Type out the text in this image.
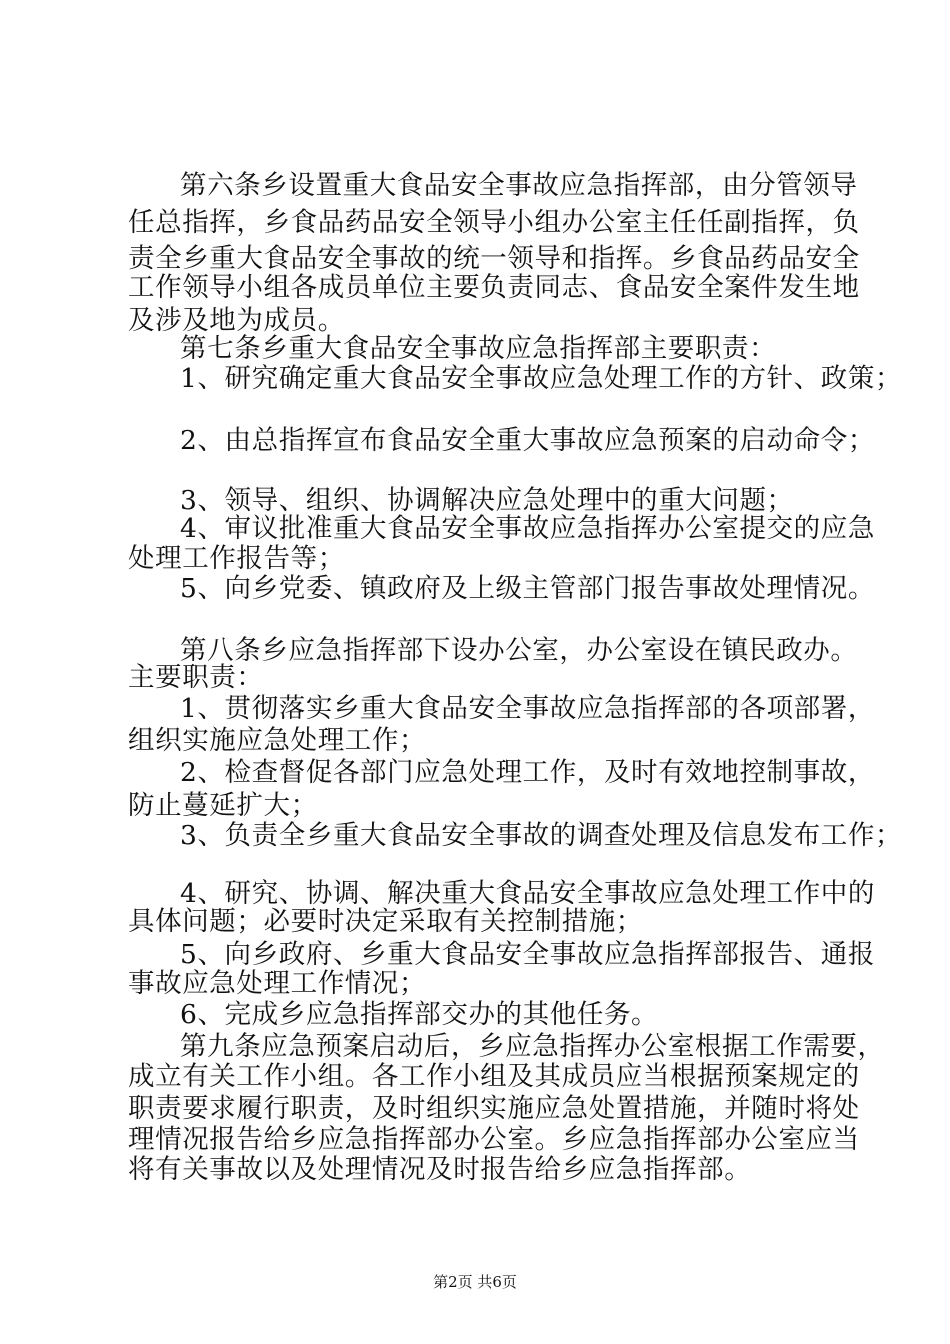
第六条乡设置重大食品安全事故应急指挥部，由分管领导
任总指挥，乡食品药品安全领导小组办公室主任任副指挥，负
责全乡重大食品安全事故的统一领导和指挥。乡食品药品安全
工作领导小组各成员单位主要负责同志、食品安全案件发生地
及涉及地为成员。
第七条乡重大食品安全事故应急指挥部主要职责：
1、研究确定重大食品安全事故应急处理工作的方针、政策；
2、由总指挥宣布食品安全重大事故应急预案的启动命令；
3、领导、组织、协调解决应急处理中的重大问题；
4、审议批准重大食品安全事故应急指挥办公室提交的应急
处理工作报告等；
5、向乡党委、镇政府及上级主管部门报告事故处理情况。
第八条乡应急指挥部下设办公室，办公室设在镇民政办。
主要职责：
1、贯彻落实乡重大食品安全事故应急指挥部的各项部署，
组织实施应急处理工作；
2、检查督促各部门应急处理工作，及时有效地控制事故，
防止蔓延扩大；
3、负责全乡重大食品安全事故的调查处理及信息发布工作；
4、研究、协调、解决重大食品安全事故应急处理工作中的
具体问题；必要时决定采取有关控制措施；
5、向乡政府、乡重大食品安全事故应急指挥部报告、通报
事故应急处理工作情况；
6、完成乡应急指挥部交办的其他任务。
第九条应急预案启动后，乡应急指挥办公室根据工作需要，
成立有关工作小组。各工作小组及其成员应当根据预案规定的
职责要求履行职责，及时组织实施应急处置措施，并随时将处
理情况报告给乡应急指挥部办公室。乡应急指挥部办公室应当
将有关事故以及处理情况及时报告给乡应急指挥部。
第2页 共6页
